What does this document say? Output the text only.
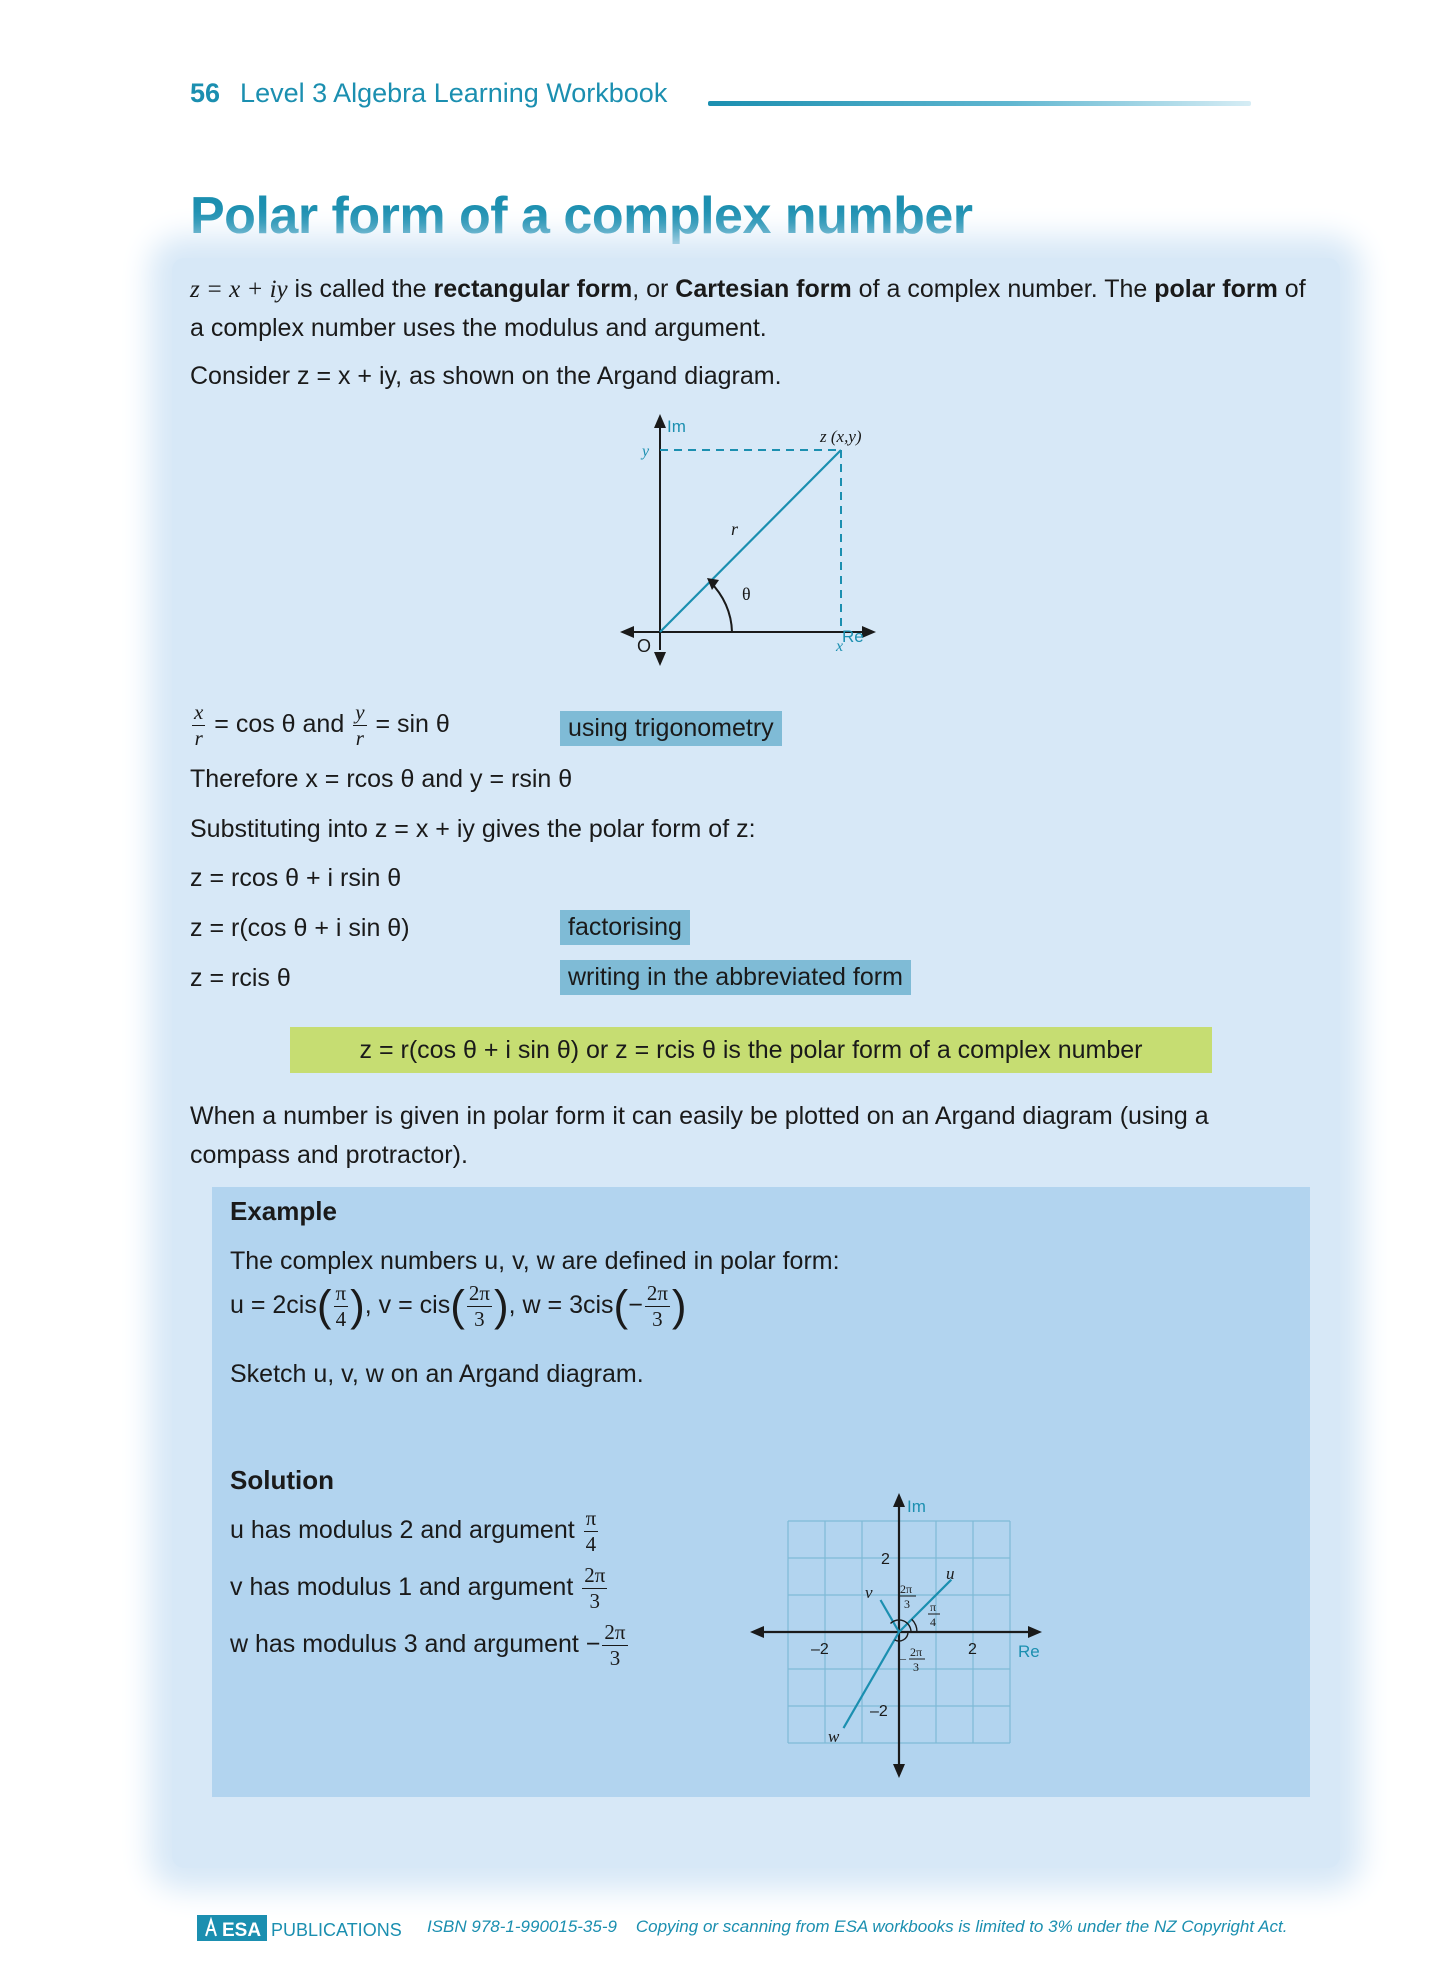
56 Level 3 Algebra Learning Workbook
Polar form of a complex number
z = x + iy is called the rectangular form, or Cartesian form of a complex number. The polar form of a complex number uses the modulus and argument.
Consider z = x + iy, as shown on the Argand diagram.
Im
Re
O	x
y
z (x,y)
r
θ
$\frac{x}{r} = \cos \theta$ and $\frac{y}{r} = \sin \theta$	using trigonometry
Therefore x = rcos θ and y = rsin θ
Substituting into z = x + iy gives the polar form of z:
z = rcos θ + i rsin θ
z = r(cos θ + i sin θ)	factorising
z = rcis θ	writing in the abbreviated form
z = r(cos θ + i sin θ) or z = rcis θ is the polar form of a complex number
When a number is given in polar form it can easily be plotted on an Argand diagram (using a compass and protractor).
Example
The complex numbers u, v, w are defined in polar form:
$u = 2cis( \frac{\pi}{4}$ ), $v = cis( \frac{2\pi}{3}$ ), $w = 3cis(- \frac{2\pi}{3}$ )
Sketch u, v, w on an Argand diagram.
Solution
u has modulus 2 and argument $\frac{\pi}{4}$
v has modulus 1 and argument $\frac{2\pi}{3}$
w has modulus 3 and argument − $\frac{2\pi}{3}$
Im
Re
2
–2
2
–2
u
v
w
2π
3 π
4
– 2π
3
ESA PUBLICATIONS ISBN 978-1-990015-35-9    Copying or scanning from ESA workbooks is limited to 3% under the NZ Copyright Act.
